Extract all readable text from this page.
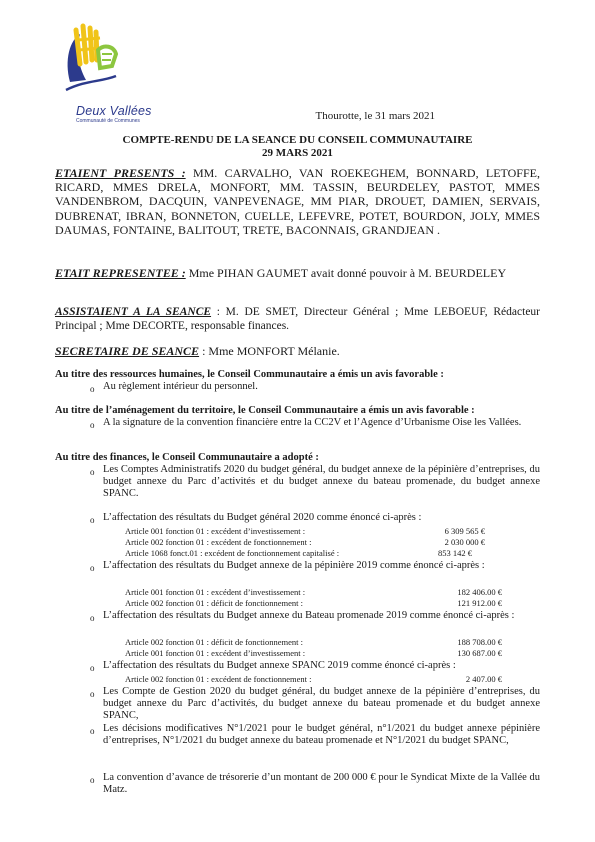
Deux Vallées
Communauté de Communes	Thourotte, le 31 mars 2021
COMPTE-RENDU DE LA SEANCE DU CONSEIL COMMUNAUTAIRE
29 MARS 2021
ETAIENT PRESENTS : MM. CARVALHO, VAN ROEKEGHEM, BONNARD, LETOFFE, RICARD, MMES DRELA, MONFORT, MM. TASSIN, BEURDELEY, PASTOT, MMES VANDENBROM, DACQUIN, VANPEVENAGE, MM PIAR, DROUET, DAMIEN, SERVAIS, DUBRENAT, IBRAN, BONNETON, CUELLE, LEFEVRE, POTET, BOURDON, JOLY, MMES DAUMAS, FONTAINE, BALITOUT, TRETE, BACONNAIS, GRANDJEAN .
ETAIT REPRESENTEE : Mme PIHAN GAUMET avait donné pouvoir à M. BEURDELEY
ASSISTAIENT A LA SEANCE : M. DE SMET, Directeur Général ; Mme LEBOEUF, Rédacteur Principal ; Mme DECORTE, responsable finances.
SECRETAIRE DE SEANCE : Mme MONFORT Mélanie.
Au titre des ressources humaines, le Conseil Communautaire a émis un avis favorable :
o Au règlement intérieur du personnel.
Au titre de l’aménagement du territoire, le Conseil Communautaire a émis un avis favorable :
o A la signature de la convention financière entre la CC2V et l’Agence d’Urbanisme Oise les Vallées.
Au titre des finances, le Conseil Communautaire a adopté :
o Les Comptes Administratifs 2020 du budget général, du budget annexe de la pépinière d’entreprises, du budget annexe du Parc d’activités et du budget annexe du bateau promenade, du budget annexe SPANC.
o L’affectation des résultats du Budget général 2020 comme énoncé ci-après :
Article 001 fonction 01 : excédent d’investissement :	6 309 565 €
Article 002 fonction 01 : excédent de fonctionnement :	2 030 000 €
Article 1068 fonct.01 : excédent de fonctionnement capitalisé :	853 142 €
o L’affectation des résultats du Budget annexe de la pépinière 2019 comme énoncé ci-après :
Article 001 fonction 01 : excédent d’investissement :	182 406.00 €
Article 002 fonction 01 : déficit de fonctionnement :	121 912.00 €
o L’affectation des résultats du Budget annexe du Bateau promenade 2019 comme énoncé ci-après :
Article 002 fonction 01 : déficit de fonctionnement :	188 708.00 €
Article 001 fonction 01 : excédent d’investissement :	130 687.00 €
o L’affectation des résultats du Budget annexe SPANC 2019 comme énoncé ci-après :
Article 002 fonction 01 : excédent de fonctionnement :	2 407.00 €
o Les Compte de Gestion 2020 du budget général, du budget annexe de la pépinière d’entreprises, du budget annexe du Parc d’activités, du budget annexe du bateau promenade et du budget annexe SPANC,
o Les décisions modificatives N°1/2021 pour le budget général, n°1/2021 du budget annexe pépinière d’entreprises, N°1/2021 du budget annexe du bateau promenade et N°1/2021 du budget SPANC,
o La convention d’avance de trésorerie d’un montant de 200 000 € pour le Syndicat Mixte de la Vallée du Matz.
